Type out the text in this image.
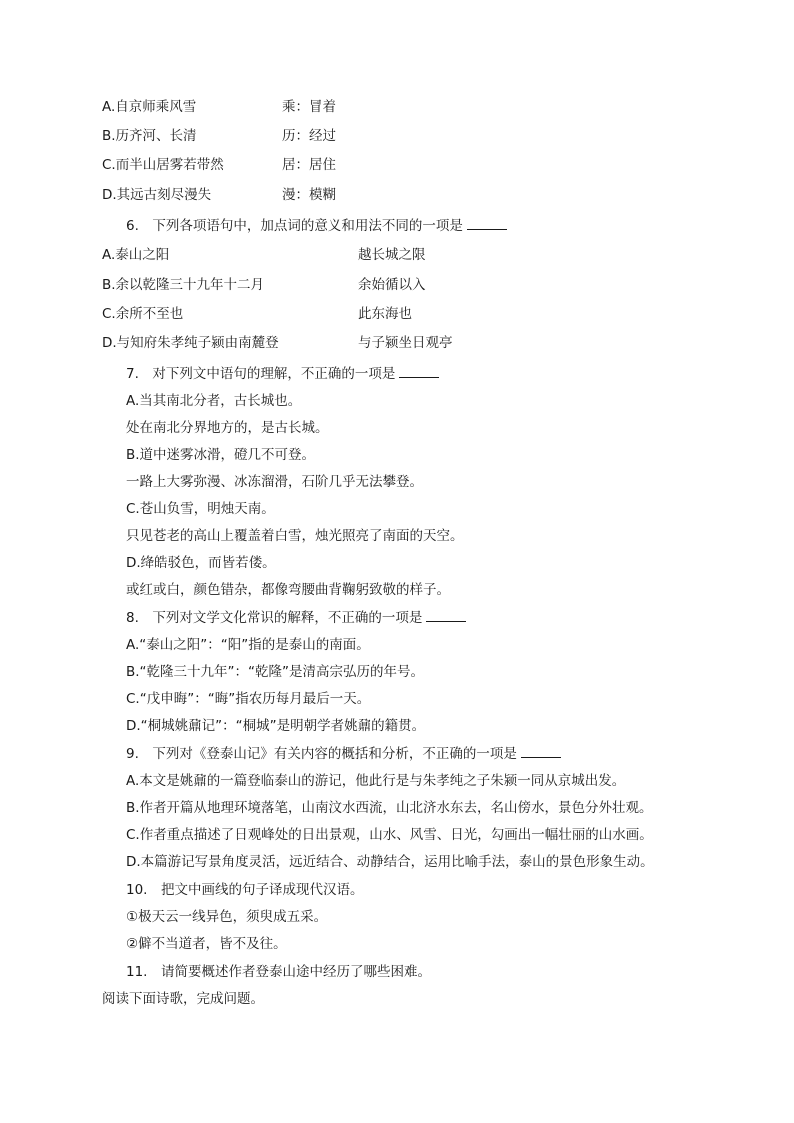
A.自京师乘风雪	乘：冒着
B.历齐河、长清	历：经过
C.而半山居雾若带然	居：居住
D.其远古刻尽漫失	漫：模糊
6.　下列各项语句中，加点词的意义和用法不同的一项是
A.泰山之阳	越长城之限
B.余以乾隆三十九年十二月	余始循以入
C.余所不至也	此东海也
D.与知府朱孝纯子颍由南麓登	与子颍坐日观亭
7.　对下列文中语句的理解，不正确的一项是
A.当其南北分者，古长城也。
处在南北分界地方的，是古长城。
B.道中迷雾冰滑，磴几不可登。
一路上大雾弥漫、冰冻溜滑，石阶几乎无法攀登。
C.苍山负雪，明烛天南。
只见苍老的高山上覆盖着白雪，烛光照亮了南面的天空。
D.绛皓驳色，而皆若偻。
或红或白，颜色错杂，都像弯腰曲背鞠躬致敬的样子。
8.　下列对文学文化常识的解释，不正确的一项是
A.“泰山之阳”：“阳”指的是泰山的南面。
B.“乾隆三十九年”：“乾隆”是清高宗弘历的年号。
C.“戊申晦”：“晦”指农历每月最后一天。
D.“桐城姚鼐记”：“桐城”是明朝学者姚鼐的籍贯。
9.　下列对《登泰山记》有关内容的概括和分析，不正确的一项是
A.本文是姚鼐的一篇登临泰山的游记，他此行是与朱孝纯之子朱颍一同从京城出发。
B.作者开篇从地理环境落笔，山南汶水西流，山北济水东去，名山傍水，景色分外壮观。
C.作者重点描述了日观峰处的日出景观，山水、风雪、日光，勾画出一幅壮丽的山水画。
D.本篇游记写景角度灵活，远近结合、动静结合，运用比喻手法，泰山的景色形象生动。
10.　把文中画线的句子译成现代汉语。
①极天云一线异色，须臾成五采。
②僻不当道者，皆不及往。
11.　请简要概述作者登泰山途中经历了哪些困难。
阅读下面诗歌，完成问题。
